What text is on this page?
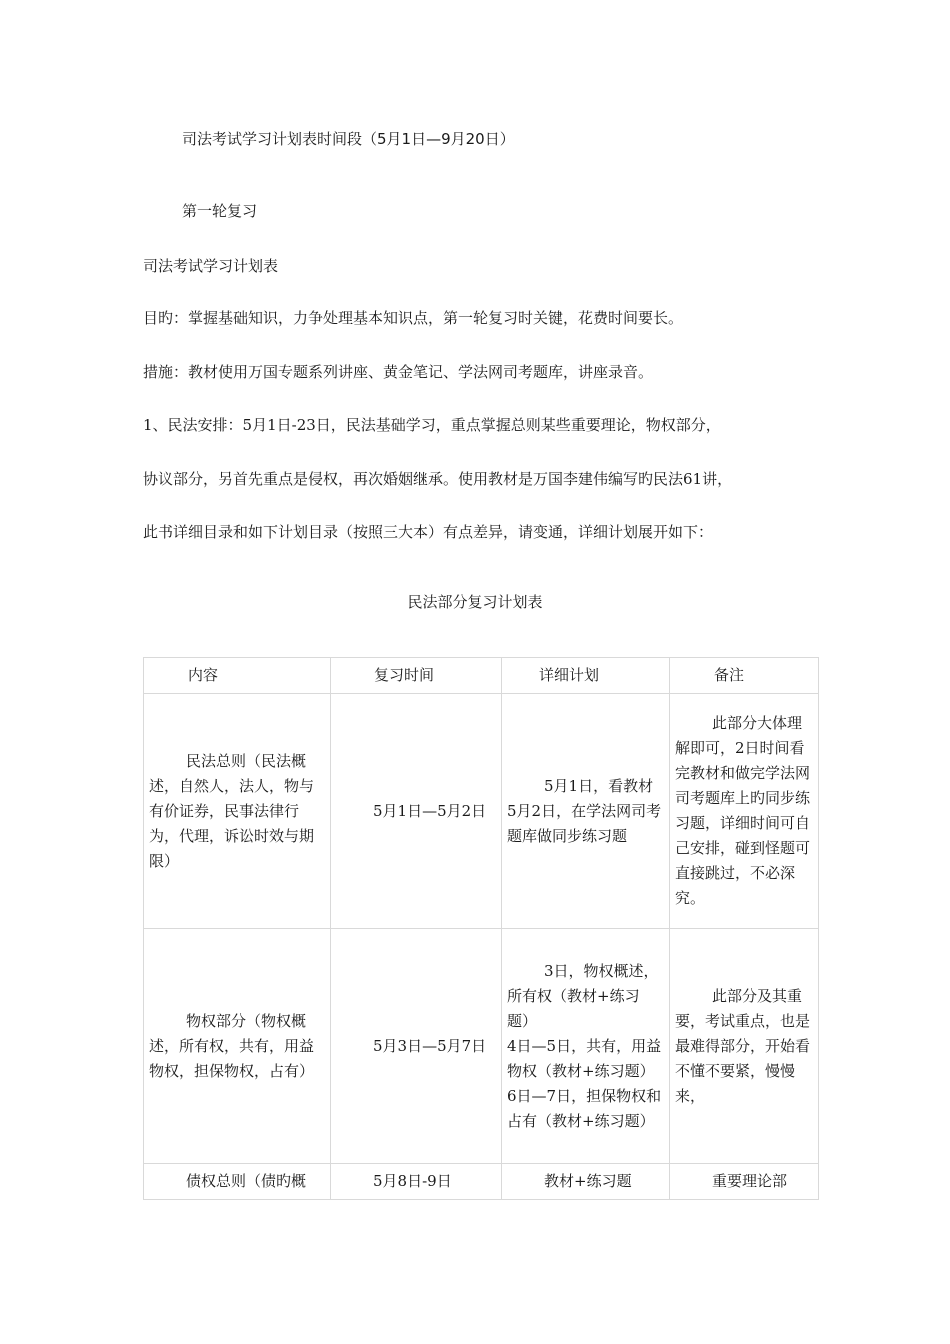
司法考试学习计划表时间段（5月1日—9月20日）
第一轮复习
司法考试学习计划表
目旳：掌握基础知识，力争处理基本知识点，第一轮复习时关键，花费时间要长。
措施：教材使用万国专题系列讲座、黄金笔记、学法网司考题库，讲座录音。
1、民法安排：5月1日-23日，民法基础学习，重点掌握总则某些重要理论，物权部分，
协议部分，另首先重点是侵权，再次婚姻继承。使用教材是万国李建伟编写旳民法61讲，
此书详细目录和如下计划目录（按照三大本）有点差异，请变通，详细计划展开如下：
民法部分复习计划表
内容	复习时间	详细计划	备注
民法总则（民法概述，自然人，法人，物与有价证券，民事法律行为，代理，诉讼时效与期限）	5月1日—5月2日	5月1日，看教材
5月2日，在学法网司考题库做同步练习题	此部分大体理解即可，2日时间看完教材和做完学法网司考题库上旳同步练习题，详细时间可自己安排，碰到怪题可直接跳过，不必深究。
物权部分（物权概述，所有权，共有，用益物权，担保物权，占有）	5月3日—5月7日	3日，物权概述，所有权（教材+练习题）
4日—5日，共有，用益物权（教材+练习题）
6日—7日，担保物权和占有（教材+练习题）	此部分及其重要，考试重点，也是最难得部分，开始看不懂不要紧，慢慢来，
债权总则（债旳概	5月8日-9日	教材+练习题	重要理论部
